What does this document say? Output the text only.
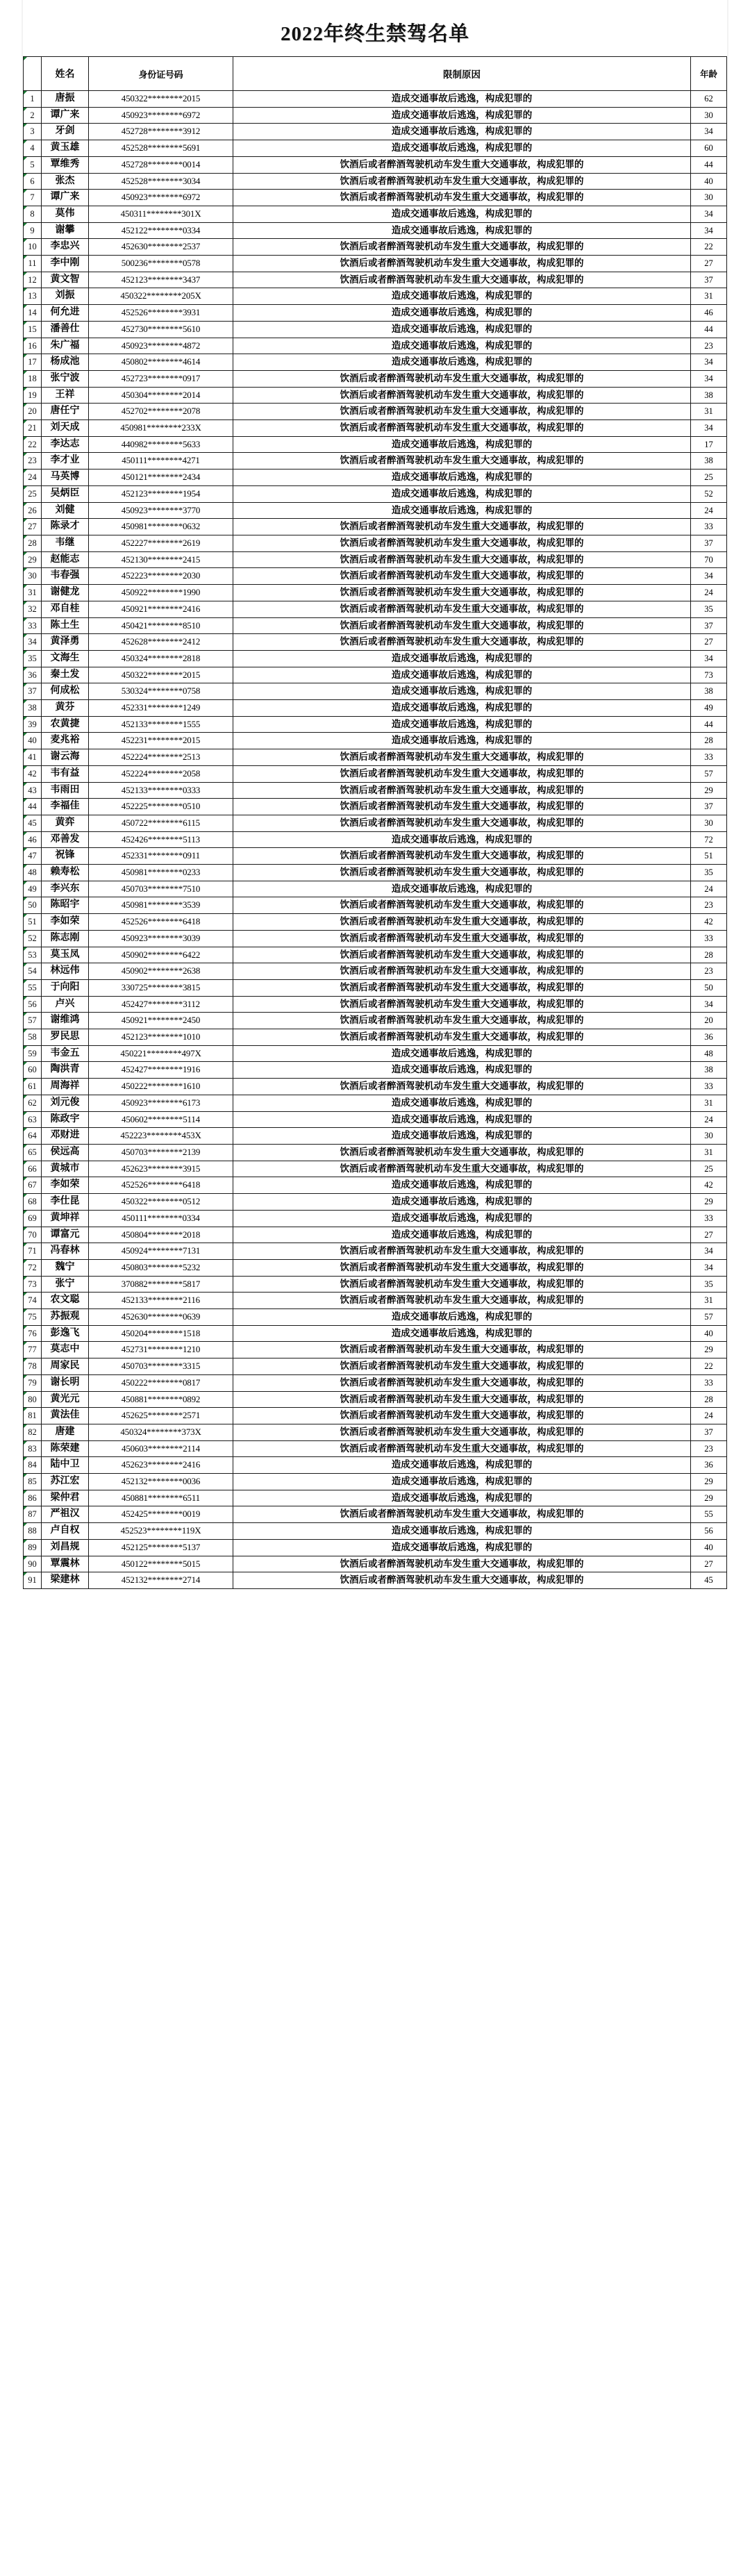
2022年终生禁驾名单
	姓名	身份证号码	限制原因	年龄
1	唐振	450322********2015	造成交通事故后逃逸，构成犯罪的	62
2	谭广来	450923********6972	造成交通事故后逃逸，构成犯罪的	30
3	牙剑	452728********3912	造成交通事故后逃逸，构成犯罪的	34
4	黄玉雄	452528********5691	造成交通事故后逃逸，构成犯罪的	60
5	覃维秀	452728********0014	饮酒后或者醉酒驾驶机动车发生重大交通事故，构成犯罪的	44
6	张杰	452528********3034	饮酒后或者醉酒驾驶机动车发生重大交通事故，构成犯罪的	40
7	谭广来	450923********6972	饮酒后或者醉酒驾驶机动车发生重大交通事故，构成犯罪的	30
8	莫伟	450311********301X	造成交通事故后逃逸，构成犯罪的	34
9	谢攀	452122********0334	造成交通事故后逃逸，构成犯罪的	34
10	李忠兴	452630********2537	饮酒后或者醉酒驾驶机动车发生重大交通事故，构成犯罪的	22
11	李中刚	500236********0578	饮酒后或者醉酒驾驶机动车发生重大交通事故，构成犯罪的	27
12	黄文智	452123********3437	饮酒后或者醉酒驾驶机动车发生重大交通事故，构成犯罪的	37
13	刘振	450322********205X	造成交通事故后逃逸，构成犯罪的	31
14	何允进	452526********3931	造成交通事故后逃逸，构成犯罪的	46
15	潘善仕	452730********5610	造成交通事故后逃逸，构成犯罪的	44
16	朱广福	450923********4872	造成交通事故后逃逸，构成犯罪的	23
17	杨成池	450802********4614	造成交通事故后逃逸，构成犯罪的	34
18	张宁波	452723********0917	饮酒后或者醉酒驾驶机动车发生重大交通事故，构成犯罪的	34
19	王祥	450304********2014	饮酒后或者醉酒驾驶机动车发生重大交通事故，构成犯罪的	38
20	唐任宁	452702********2078	饮酒后或者醉酒驾驶机动车发生重大交通事故，构成犯罪的	31
21	刘天成	450981********233X	饮酒后或者醉酒驾驶机动车发生重大交通事故，构成犯罪的	34
22	李达志	440982********5633	造成交通事故后逃逸，构成犯罪的	17
23	李才业	450111********4271	饮酒后或者醉酒驾驶机动车发生重大交通事故，构成犯罪的	38
24	马英博	450121********2434	造成交通事故后逃逸，构成犯罪的	25
25	吴炳臣	452123********1954	造成交通事故后逃逸，构成犯罪的	52
26	刘健	450923********3770	造成交通事故后逃逸，构成犯罪的	24
27	陈录才	450981********0632	饮酒后或者醉酒驾驶机动车发生重大交通事故，构成犯罪的	33
28	韦继	452227********2619	饮酒后或者醉酒驾驶机动车发生重大交通事故，构成犯罪的	37
29	赵能志	452130********2415	饮酒后或者醉酒驾驶机动车发生重大交通事故，构成犯罪的	70
30	韦春强	452223********2030	饮酒后或者醉酒驾驶机动车发生重大交通事故，构成犯罪的	34
31	谢健龙	450922********1990	饮酒后或者醉酒驾驶机动车发生重大交通事故，构成犯罪的	24
32	邓自桂	450921********2416	饮酒后或者醉酒驾驶机动车发生重大交通事故，构成犯罪的	35
33	陈土生	450421********8510	饮酒后或者醉酒驾驶机动车发生重大交通事故，构成犯罪的	37
34	黄泽勇	452628********2412	饮酒后或者醉酒驾驶机动车发生重大交通事故，构成犯罪的	27
35	文海生	450324********2818	造成交通事故后逃逸，构成犯罪的	34
36	秦土发	450322********2015	造成交通事故后逃逸，构成犯罪的	73
37	何成松	530324********0758	造成交通事故后逃逸，构成犯罪的	38
38	黄芬	452331********1249	造成交通事故后逃逸，构成犯罪的	49
39	农黄捷	452133********1555	造成交通事故后逃逸，构成犯罪的	44
40	麦兆裕	452231********2015	造成交通事故后逃逸，构成犯罪的	28
41	谢云海	452224********2513	饮酒后或者醉酒驾驶机动车发生重大交通事故，构成犯罪的	33
42	韦有益	452224********2058	饮酒后或者醉酒驾驶机动车发生重大交通事故，构成犯罪的	57
43	韦雨田	452133********0333	饮酒后或者醉酒驾驶机动车发生重大交通事故，构成犯罪的	29
44	李福佳	452225********0510	饮酒后或者醉酒驾驶机动车发生重大交通事故，构成犯罪的	37
45	黄弈	450722********6115	饮酒后或者醉酒驾驶机动车发生重大交通事故，构成犯罪的	30
46	邓善发	452426********5113	造成交通事故后逃逸，构成犯罪的	72
47	祝锋	452331********0911	饮酒后或者醉酒驾驶机动车发生重大交通事故，构成犯罪的	51
48	赖寿松	450981********0233	饮酒后或者醉酒驾驶机动车发生重大交通事故，构成犯罪的	35
49	李兴东	450703********7510	造成交通事故后逃逸，构成犯罪的	24
50	陈昭宇	450981********3539	饮酒后或者醉酒驾驶机动车发生重大交通事故，构成犯罪的	23
51	李如荣	452526********6418	饮酒后或者醉酒驾驶机动车发生重大交通事故，构成犯罪的	42
52	陈志刚	450923********3039	饮酒后或者醉酒驾驶机动车发生重大交通事故，构成犯罪的	33
53	莫玉凤	450902********6422	饮酒后或者醉酒驾驶机动车发生重大交通事故，构成犯罪的	28
54	林远伟	450902********2638	饮酒后或者醉酒驾驶机动车发生重大交通事故，构成犯罪的	23
55	于向阳	330725********3815	饮酒后或者醉酒驾驶机动车发生重大交通事故，构成犯罪的	50
56	卢兴	452427********3112	饮酒后或者醉酒驾驶机动车发生重大交通事故，构成犯罪的	34
57	谢维鸿	450921********2450	饮酒后或者醉酒驾驶机动车发生重大交通事故，构成犯罪的	20
58	罗民思	452123********1010	饮酒后或者醉酒驾驶机动车发生重大交通事故，构成犯罪的	36
59	韦金五	450221********497X	造成交通事故后逃逸，构成犯罪的	48
60	陶洪青	452427********1916	造成交通事故后逃逸，构成犯罪的	38
61	周海祥	450222********1610	饮酒后或者醉酒驾驶机动车发生重大交通事故，构成犯罪的	33
62	刘元俊	450923********6173	造成交通事故后逃逸，构成犯罪的	31
63	陈政宇	450602********5114	造成交通事故后逃逸，构成犯罪的	24
64	邓财进	452223********453X	造成交通事故后逃逸，构成犯罪的	30
65	侯远高	450703********2139	饮酒后或者醉酒驾驶机动车发生重大交通事故，构成犯罪的	31
66	黄城市	452623********3915	饮酒后或者醉酒驾驶机动车发生重大交通事故，构成犯罪的	25
67	李如荣	452526********6418	造成交通事故后逃逸，构成犯罪的	42
68	李仕昆	450322********0512	造成交通事故后逃逸，构成犯罪的	29
69	黄坤祥	450111********0334	造成交通事故后逃逸，构成犯罪的	33
70	谭富元	450804********2018	造成交通事故后逃逸，构成犯罪的	27
71	冯春林	450924********7131	饮酒后或者醉酒驾驶机动车发生重大交通事故，构成犯罪的	34
72	魏宁	450803********5232	饮酒后或者醉酒驾驶机动车发生重大交通事故，构成犯罪的	34
73	张宁	370882********5817	饮酒后或者醉酒驾驶机动车发生重大交通事故，构成犯罪的	35
74	农文聪	452133********2116	饮酒后或者醉酒驾驶机动车发生重大交通事故，构成犯罪的	31
75	苏振观	452630********0639	造成交通事故后逃逸，构成犯罪的	57
76	彭逸飞	450204********1518	造成交通事故后逃逸，构成犯罪的	40
77	莫志中	452731********1210	饮酒后或者醉酒驾驶机动车发生重大交通事故，构成犯罪的	29
78	周家民	450703********3315	饮酒后或者醉酒驾驶机动车发生重大交通事故，构成犯罪的	22
79	谢长明	450222********0817	饮酒后或者醉酒驾驶机动车发生重大交通事故，构成犯罪的	33
80	黄光元	450881********0892	饮酒后或者醉酒驾驶机动车发生重大交通事故，构成犯罪的	28
81	黄法佳	452625********2571	饮酒后或者醉酒驾驶机动车发生重大交通事故，构成犯罪的	24
82	唐建	450324********373X	饮酒后或者醉酒驾驶机动车发生重大交通事故，构成犯罪的	37
83	陈荣建	450603********2114	饮酒后或者醉酒驾驶机动车发生重大交通事故，构成犯罪的	23
84	陆中卫	452623********2416	造成交通事故后逃逸，构成犯罪的	36
85	苏江宏	452132********0036	造成交通事故后逃逸，构成犯罪的	29
86	梁仲君	450881********6511	造成交通事故后逃逸，构成犯罪的	29
87	严祖汉	452425********0019	饮酒后或者醉酒驾驶机动车发生重大交通事故，构成犯罪的	55
88	卢自权	452523********119X	造成交通事故后逃逸，构成犯罪的	56
89	刘昌规	452125********5137	造成交通事故后逃逸，构成犯罪的	40
90	覃震林	450122********5015	饮酒后或者醉酒驾驶机动车发生重大交通事故，构成犯罪的	27
91	梁建林	452132********2714	饮酒后或者醉酒驾驶机动车发生重大交通事故，构成犯罪的	45
